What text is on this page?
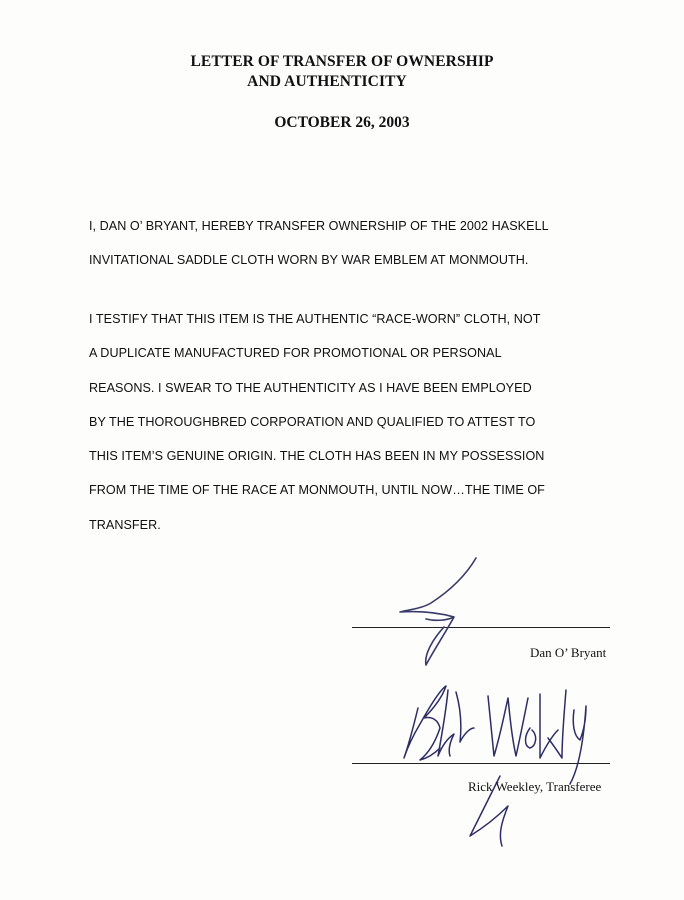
LETTER OF TRANSFER OF OWNERSHIP
AND AUTHENTICITY
OCTOBER 26, 2003

I, DAN O’ BRYANT, HEREBY TRANSFER OWNERSHIP OF THE 2002 HASKELL
INVITATIONAL SADDLE CLOTH WORN BY WAR EMBLEM AT MONMOUTH.

I TESTIFY THAT THIS ITEM IS THE AUTHENTIC “RACE-WORN” CLOTH, NOT
A DUPLICATE MANUFACTURED FOR PROMOTIONAL OR PERSONAL
REASONS. I SWEAR TO THE AUTHENTICITY AS I HAVE BEEN EMPLOYED
BY THE THOROUGHBRED CORPORATION AND QUALIFIED TO ATTEST TO
THIS ITEM’S GENUINE ORIGIN. THE CLOTH HAS BEEN IN MY POSSESSION
FROM THE TIME OF THE RACE AT MONMOUTH, UNTIL NOW…THE TIME OF
TRANSFER.

Dan O’ Bryant
Rick Weekley, Transferee
